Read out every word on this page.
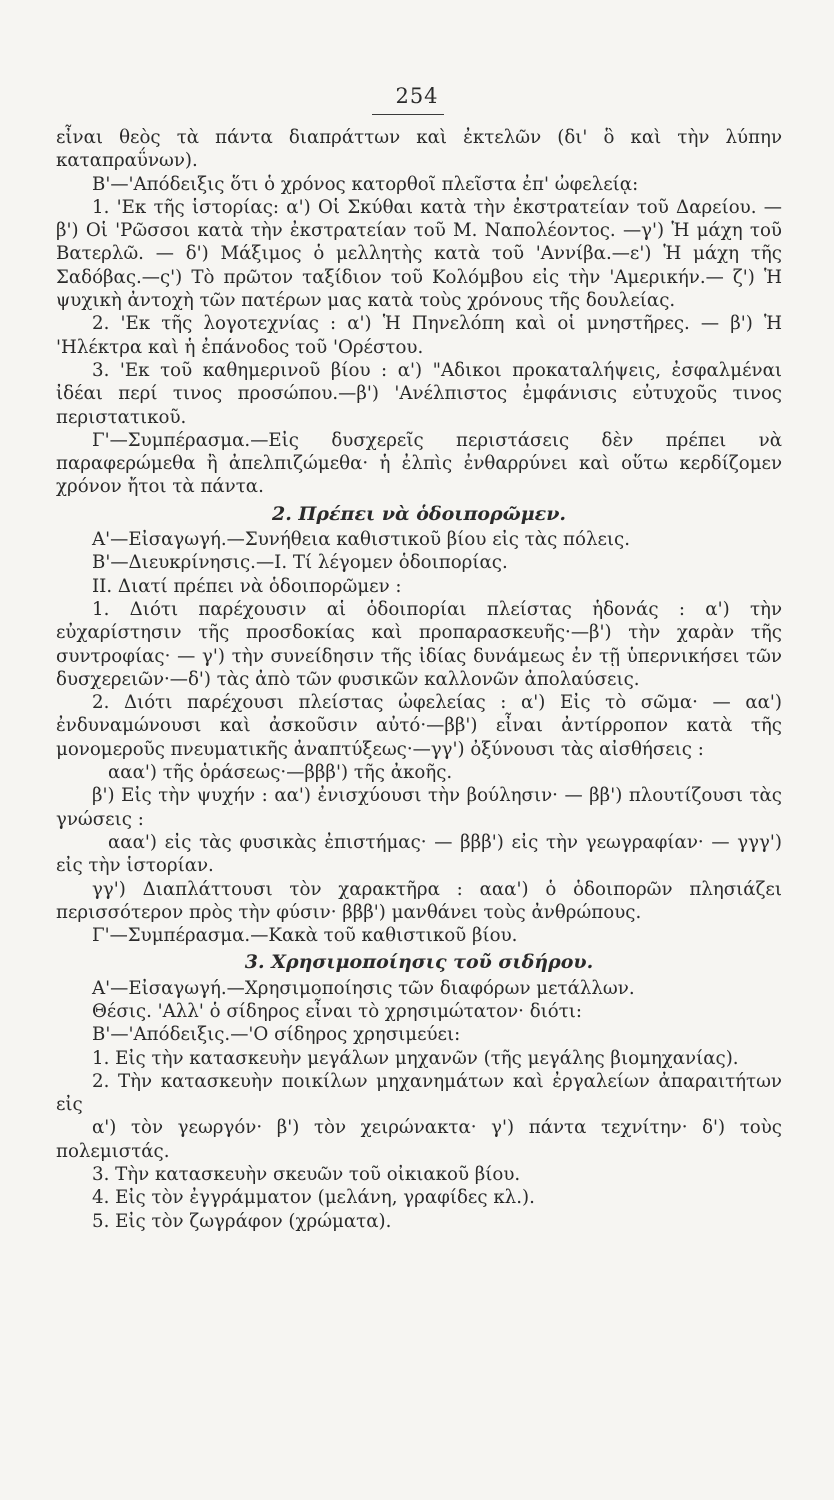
254

εἶναι θεὸς τὰ πάντα διαπράττων καὶ ἐκτελῶν (δι' ὃ καὶ τὴν λύπην καταπραΰνων).

Β'—'Απόδειξις ὅτι ὁ χρόνος κατορθοῖ πλεῖστα ἐπ' ὠφελείᾳ:

1. 'Εκ τῆς ἱστορίας: α') Οἱ Σκύθαι κατὰ τὴν ἐκστρατείαν τοῦ Δαρείου. — β') Οἱ 'Ρῶσσοι κατὰ τὴν ἐκστρατείαν τοῦ Μ. Ναπολέοντος. —γ') Ἡ μάχη τοῦ Βατερλῶ. — δ') Μάξιμος ὁ μελλητὴς κατὰ τοῦ 'Αννίβα.—ε') Ἡ μάχη τῆς Σαδόβας.—ς') Τὸ πρῶτον ταξίδιον τοῦ Κολόμβου εἰς τὴν 'Αμερικήν.— ζ') Ἡ ψυχικὴ ἀντοχὴ τῶν πατέρων μας κατὰ τοὺς χρόνους τῆς δουλείας.

2. 'Εκ τῆς λογοτεχνίας : α') Ἡ Πηνελόπη καὶ οἱ μνηστῆρες. — β') Ἡ 'Ηλέκτρα καὶ ἡ ἐπάνοδος τοῦ 'Ορέστου.

3. 'Εκ τοῦ καθημερινοῦ βίου : α') "Αδικοι προκαταλήψεις, ἐσφαλμέναι ἰδέαι περί τινος προσώπου.—β') 'Ανέλπιστος ἐμφάνισις εὐτυχοῦς τινος περιστατικοῦ.

Γ'—Συμπέρασμα.—Εἰς δυσχερεῖς περιστάσεις δὲν πρέπει νὰ παραφερώμεθα ἢ ἀπελπιζώμεθα· ἡ ἐλπὶς ἐνθαρρύνει καὶ οὕτω κερδίζομεν χρόνον ἤτοι τὰ πάντα.

2. Πρέπει νὰ ὁδοιπορῶμεν.

Α'—Εἰσαγωγή.—Συνήθεια καθιστικοῦ βίου εἰς τὰς πόλεις.

Β'—Διευκρίνησις.—Ι. Τί λέγομεν ὁδοιπορίας.

ΙΙ. Διατί πρέπει νὰ ὁδοιπορῶμεν :

1. Διότι παρέχουσιν αἱ ὁδοιπορίαι πλείστας ἡδονάς : α') τὴν εὐχαρίστησιν τῆς προσδοκίας καὶ προπαρασκευῆς·—β') τὴν χαρὰν τῆς συντροφίας· — γ') τὴν συνείδησιν τῆς ἰδίας δυνάμεως ἐν τῇ ὑπερνικήσει τῶν δυσχερειῶν·—δ') τὰς ἀπὸ τῶν φυσικῶν καλλονῶν ἀπολαύσεις.

2. Διότι παρέχουσι πλείστας ὠφελείας : α') Εἰς τὸ σῶμα· — αα') ἐνδυναμώνουσι καὶ ἀσκοῦσιν αὐτό·—ββ') εἶναι ἀντίρροπον κατὰ τῆς μονομεροῦς πνευματικῆς ἀναπτύξεως·—γγ') ὀξύνουσι τὰς αἰσθήσεις :

ααα') τῆς ὁράσεως·—βββ') τῆς ἀκοῆς.

β') Εἰς τὴν ψυχήν : αα') ἐνισχύουσι τὴν βούλησιν· — ββ') πλουτίζουσι τὰς γνώσεις :

ααα') εἰς τὰς φυσικὰς ἐπιστήμας· — βββ') εἰς τὴν γεωγραφίαν· — γγγ') εἰς τὴν ἱστορίαν.

γγ') Διαπλάττουσι τὸν χαρακτῆρα : ααα') ὁ ὁδοιπορῶν πλησιάζει περισσότερον πρὸς τὴν φύσιν· βββ') μανθάνει τοὺς ἀνθρώπους.

Γ'—Συμπέρασμα.—Κακὰ τοῦ καθιστικοῦ βίου.

3. Χρησιμοποίησις τοῦ σιδήρου.

Α'—Εἰσαγωγή.—Χρησιμοποίησις τῶν διαφόρων μετάλλων.

Θέσις. 'Αλλ' ὁ σίδηρος εἶναι τὸ χρησιμώτατον· διότι:

Β'—'Απόδειξις.—'Ο σίδηρος χρησιμεύει:

1. Εἰς τὴν κατασκευὴν μεγάλων μηχανῶν (τῆς μεγάλης βιομηχανίας).

2. Τὴν κατασκευὴν ποικίλων μηχανημάτων καὶ ἐργαλείων ἀπαραιτήτων εἰς

α') τὸν γεωργόν· β') τὸν χειρώνακτα· γ') πάντα τεχνίτην· δ') τοὺς πολεμιστάς.

3. Τὴν κατασκευὴν σκευῶν τοῦ οἰκιακοῦ βίου.

4. Εἰς τὸν ἐγγράμματον (μελάνη, γραφίδες κλ.).

5. Εἰς τὸν ζωγράφον (χρώματα).
